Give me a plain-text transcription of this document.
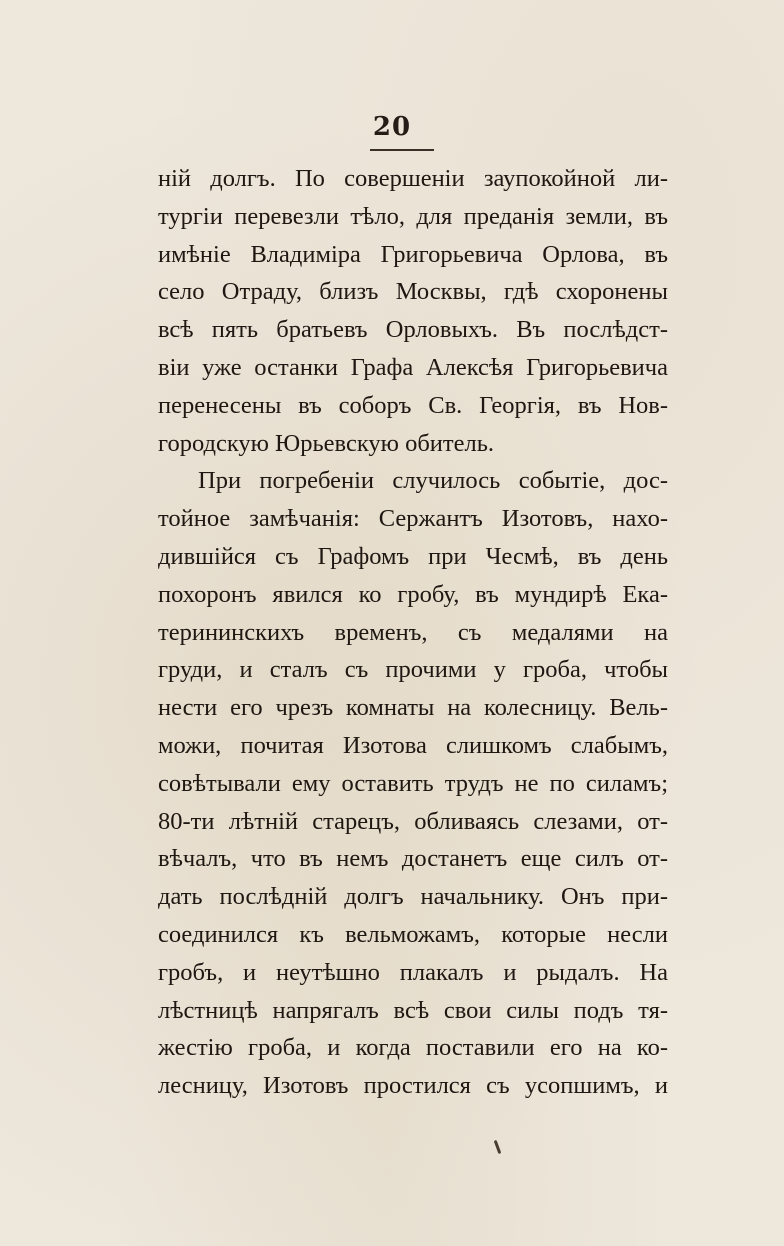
20
нiй долгъ. По совершенiи заупокойной ли-
тургiи перевезли тѣло, для преданiя земли, въ
имѣнiе Владимiра Григорьевича Орлова, въ
село Отраду, близъ Москвы, гдѣ схоронены
всѣ пять братьевъ Орловыхъ. Въ послѣдст-
вiи уже останки Графа Алексѣя Григорьевича
перенесены въ соборъ Св. Георгiя, въ Нов-
городскую Юрьевскую обитель.
При погребенiи случилось событiе, дос-
тойное замѣчанiя: Сержантъ Изотовъ, нахо-
дившiйся съ Графомъ при Чесмѣ, въ день
похоронъ явился ко гробу, въ мундирѣ Ека-
терининскихъ временъ, съ медалями на
груди, и сталъ съ прочими у гроба, чтобы
нести его чрезъ комнаты на колесницу. Вель-
можи, почитая Изотова слишкомъ слабымъ,
совѣтывали ему оставить трудъ не по силамъ;
80-ти лѣтнiй старецъ, обливаясь слезами, от-
вѣчалъ, что въ немъ достанетъ еще силъ от-
дать послѣднiй долгъ начальнику. Онъ при-
соединился къ вельможамъ, которые несли
гробъ, и неутѣшно плакалъ и рыдалъ. На
лѣстницѣ напрягалъ всѣ свои силы подъ тя-
жестiю гроба, и когда поставили его на ко-
лесницу, Изотовъ простился съ усопшимъ, и
